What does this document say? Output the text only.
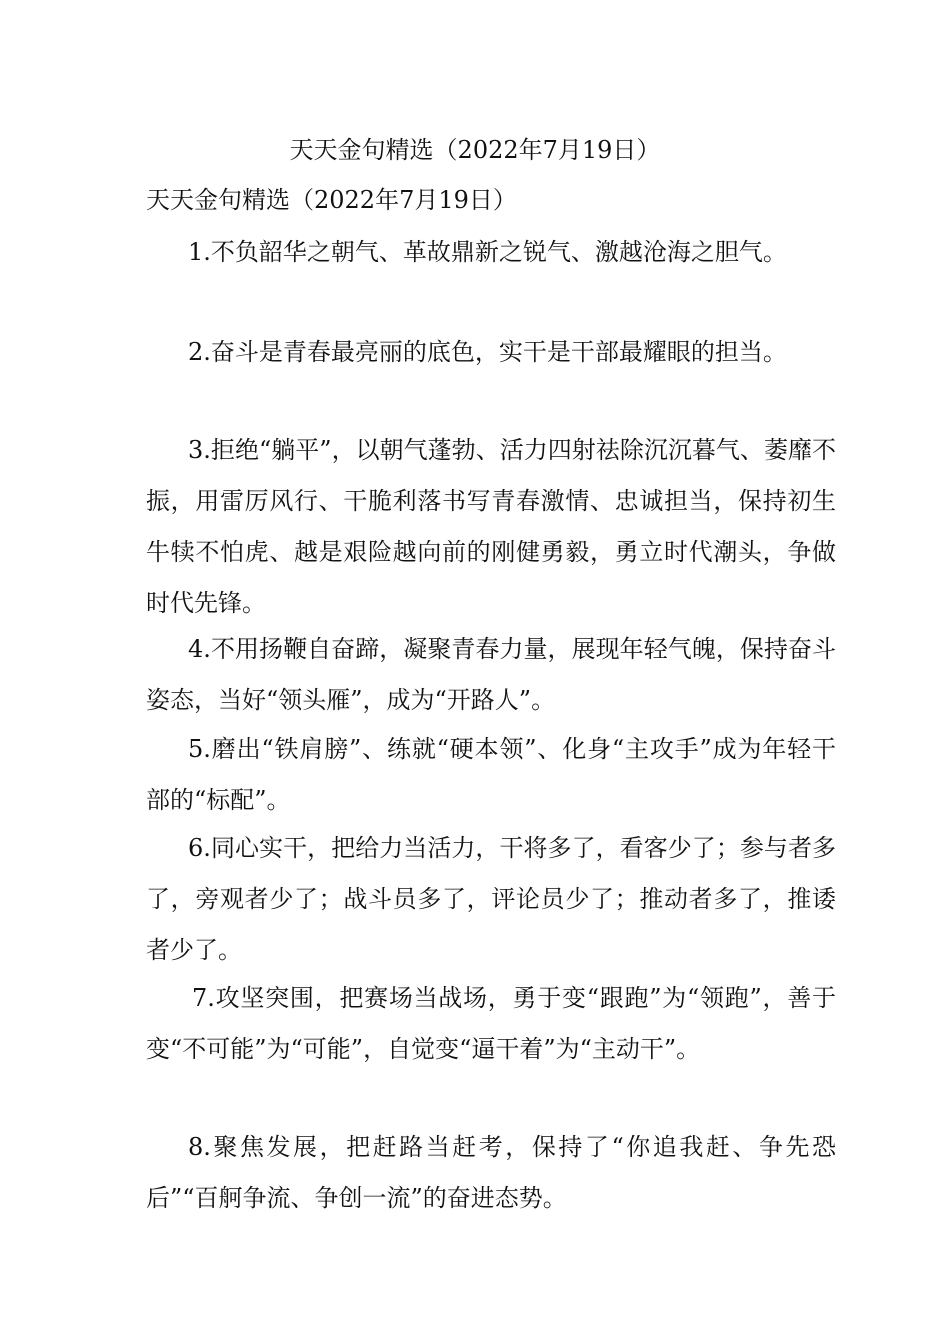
天天金句精选（2022年7月19日）
天天金句精选（2022年7月19日）

1.不负韶华之朝气、革故鼎新之锐气、激越沧海之胆气。

2.奋斗是青春最亮丽的底色，实干是干部最耀眼的担当。

3.拒绝“躺平”，以朝气蓬勃、活力四射祛除沉沉暮气、萎靡不振，用雷厉风行、干脆利落书写青春激情、忠诚担当，保持初生牛犊不怕虎、越是艰险越向前的刚健勇毅，勇立时代潮头，争做时代先锋。

4.不用扬鞭自奋蹄，凝聚青春力量，展现年轻气魄，保持奋斗姿态，当好“领头雁”，成为“开路人”。

5.磨出“铁肩膀”、练就“硬本领”、化身“主攻手”成为年轻干部的“标配”。

6.同心实干，把给力当活力，干将多了，看客少了；参与者多了，旁观者少了；战斗员多了，评论员少了；推动者多了，推诿者少了。

7.攻坚突围，把赛场当战场，勇于变“跟跑”为“领跑”，善于变“不可能”为“可能”，自觉变“逼干着”为“主动干”。

8.聚焦发展，把赶路当赶考，保持了“你追我赶、争先恐后”“百舸争流、争创一流”的奋进态势。
